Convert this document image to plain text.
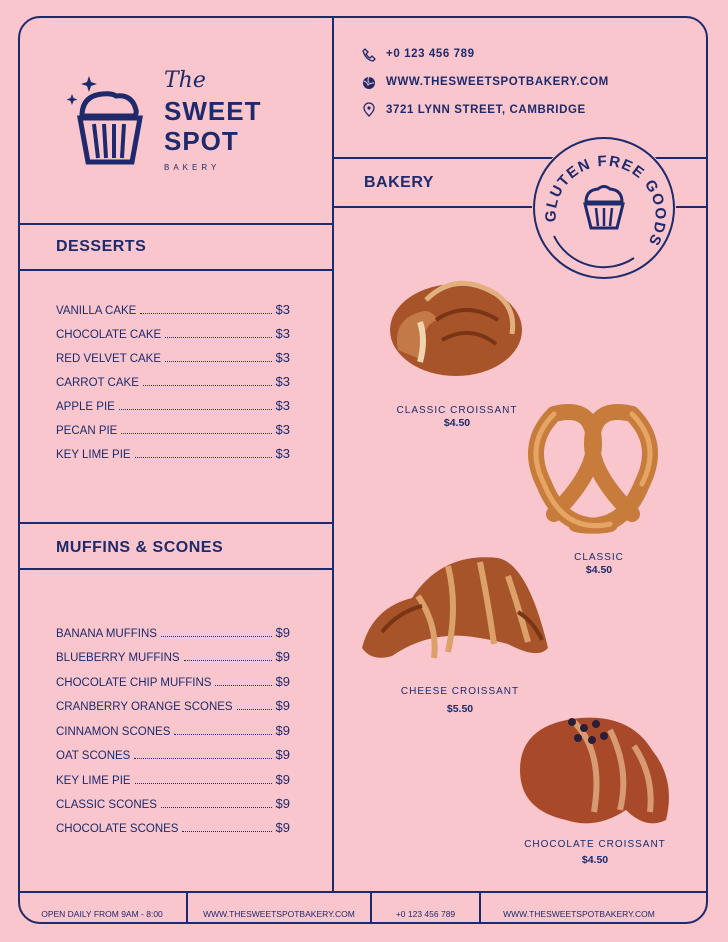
The
SWEET
SPOT
BAKERY
+0 123 456 789
WWW.THESWEETSPOTBAKERY.COM
3721 LYNN STREET, CAMBRIDGE
DESSERTS
MUFFINS & SCONES
BAKERY
VANILLA CAKE	$3
CHOCOLATE CAKE	$3
RED VELVET CAKE	$3
CARROT CAKE	$3
APPLE PIE	$3
PECAN PIE	$3
KEY LIME PIE	$3
BANANA MUFFINS	$9
BLUEBERRY MUFFINS	$9
CHOCOLATE CHIP MUFFINS	$9
CRANBERRY ORANGE SCONES	$9
CINNAMON SCONES	$9
OAT SCONES	$9
KEY LIME PIE	$9
CLASSIC SCONES	$9
CHOCOLATE SCONES	$9
GLUTEN FREE GOODS
CLASSIC CROISSANT
$4.50
CLASSIC
$4.50
CHEESE CROISSANT
$5.50
CHOCOLATE CROISSANT
$4.50
OPEN DAILY FROM 9AM - 8:00	WWW.THESWEETSPOTBAKERY.COM	+0 123 456 789	WWW.THESWEETSPOTBAKERY.COM
